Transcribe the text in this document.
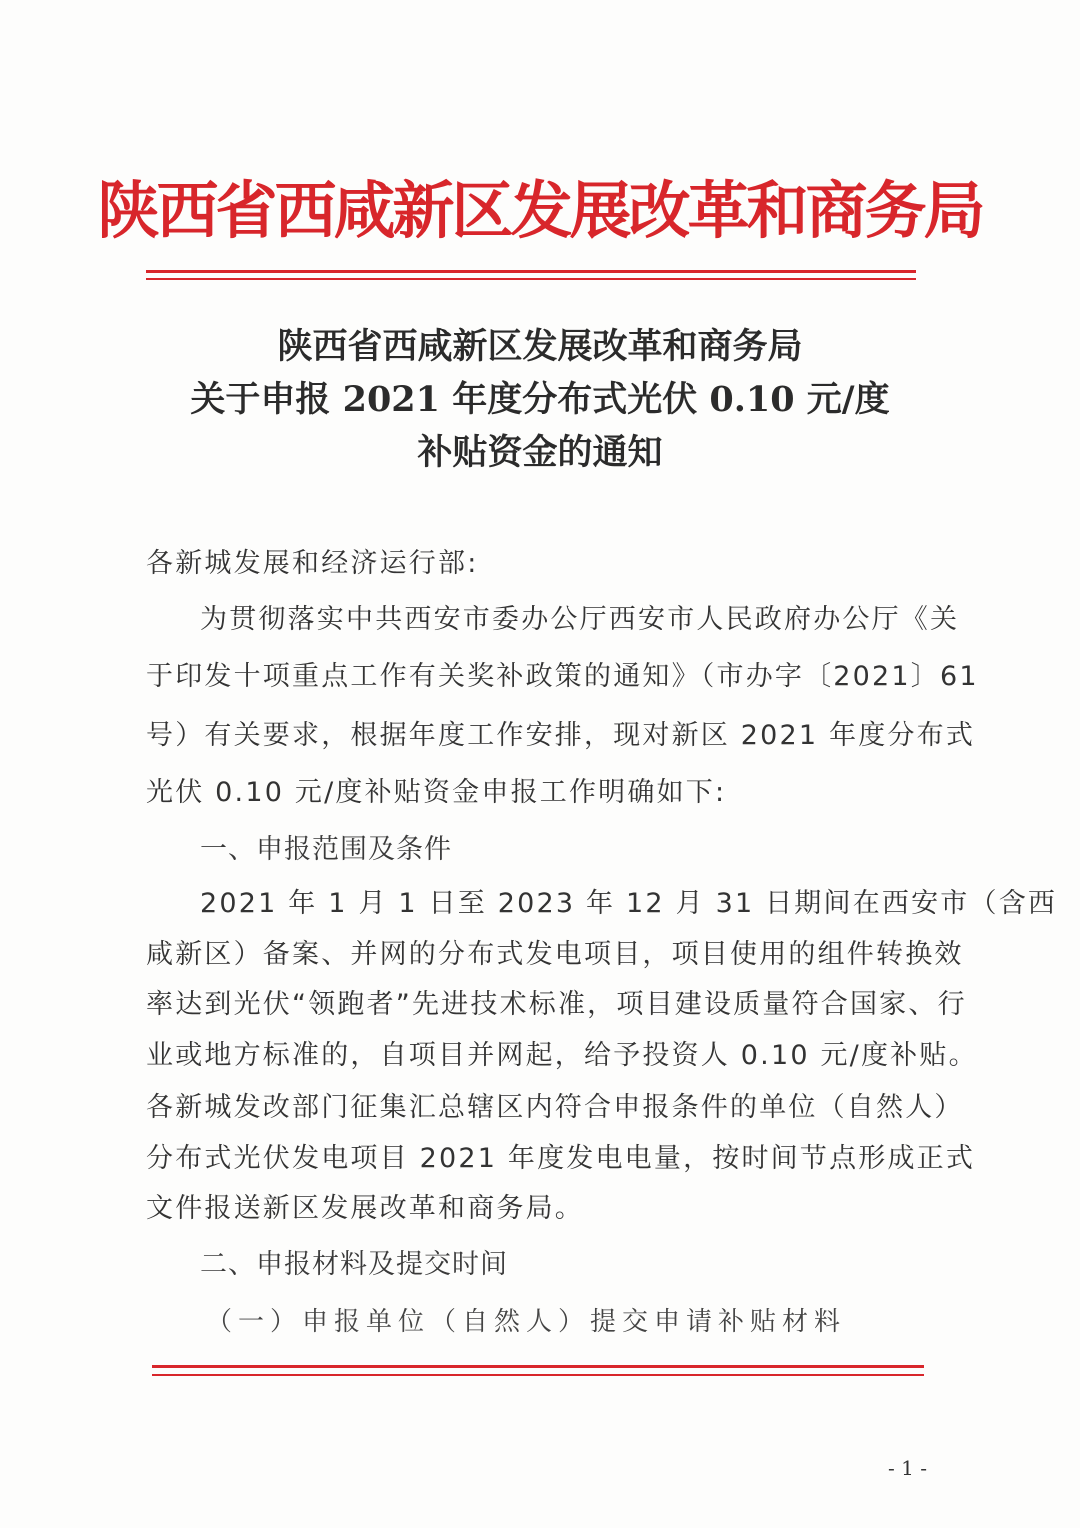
陕西省西咸新区发展改革和商务局
陕西省西咸新区发展改革和商务局
关于申报 2021 年度分布式光伏 0.10 元/度
补贴资金的通知
各新城发展和经济运行部:
为贯彻落实中共西安市委办公厅西安市人民政府办公厅《关
于印发十项重点工作有关奖补政策的通知》（市办字〔2021〕61
号）有关要求，根据年度工作安排，现对新区 2021 年度分布式
光伏 0.10 元/度补贴资金申报工作明确如下:
一、申报范围及条件
2021 年 1 月 1 日至 2023 年 12 月 31 日期间在西安市（含西
咸新区）备案、并网的分布式发电项目，项目使用的组件转换效
率达到光伏“领跑者”先进技术标准，项目建设质量符合国家、行
业或地方标准的，自项目并网起，给予投资人 0.10 元/度补贴。
各新城发改部门征集汇总辖区内符合申报条件的单位（自然人）
分布式光伏发电项目 2021 年度发电电量，按时间节点形成正式
文件报送新区发展改革和商务局。
二、申报材料及提交时间
（一）申报单位（自然人）提交申请补贴材料
- 1 -
